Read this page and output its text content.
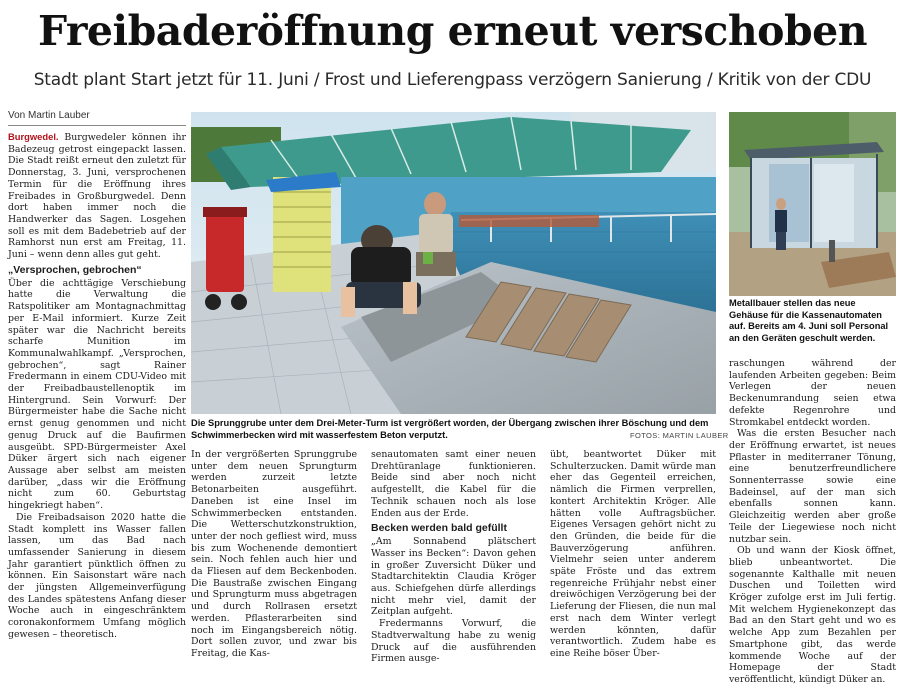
Freibaderöffnung erneut verschoben
Stadt plant Start jetzt für 11. Juni / Frost und Lieferengpass verzögern Sanierung / Kritik von der CDU
Von Martin Lauber

Burgwedel. Burgwedeler können ihr Badezeug getrost eingepackt lassen. Die Stadt reißt erneut den zuletzt für Donnerstag, 3. Juni, versprochenen Termin für die Eröffnung ihres Freibades in Großburgwedel. Denn dort haben immer noch die Handwerker das Sagen. Losgehen soll es mit dem Badebetrieb auf der Ramhorst nun erst am Freitag, 11. Juni – wenn denn alles gut geht.

„Versprochen, gebrochen“

Über die achttägige Verschiebung hatte die Verwaltung die Ratspolitiker am Montagnachmittag per E-Mail informiert. Kurze Zeit später war die Nachricht bereits scharfe Munition im Kommunalwahlkampf. „Versprochen, gebrochen“, sagt Rainer Fredermann in einem CDU-Video mit der Freibadbaustellenoptik im Hintergrund. Sein Vorwurf: Der Bürgermeister habe die Sache nicht ernst genug genommen und nicht genug Druck auf die Baufirmen ausgeübt. SPD-Bürgermeister Axel Düker ärgert sich nach eigener Aussage aber selbst am meisten darüber, „dass wir die Eröffnung nicht zum 60. Geburtstag hingekriegt haben“.

Die Freibadsaison 2020 hatte die Stadt komplett ins Wasser fallen lassen, um das Bad nach umfassender Sanierung in diesem Jahr garantiert pünktlich öffnen zu können. Ein Saisonstart wäre nach der jüngsten Allgemeinverfügung des Landes spätestens Anfang dieser Woche auch in eingeschränktem coronakonformem Umfang möglich gewesen – theoretisch.

Die Sprunggrube unter dem Drei-Meter-Turm ist vergrößert worden, der Übergang zwischen ihrer Böschung und dem Schwimmerbecken wird mit wasserfestem Beton verputzt.	FOTOS: MARTIN LAUBER
Metallbauer stellen das neue Gehäuse für die Kassenautomaten auf. Bereits am 4. Juni soll Personal an den Geräten geschult werden.

In der vergrößerten Sprunggrube unter dem neuen Sprungturm werden zurzeit letzte Betonarbeiten ausgeführt. Daneben ist eine Insel im Schwimmerbecken entstanden. Die Wetterschutzkonstruktion, unter der noch gefliest wird, muss bis zum Wochenende demontiert sein. Noch fehlen auch hier und da Fliesen auf dem Beckenboden. Die Baustraße zwischen Eingang und Sprungturm muss abgetragen und durch Rollrasen ersetzt werden. Pflasterarbeiten sind noch im Eingangsbereich nötig. Dort sollen zuvor, und zwar bis Freitag, die Kas-

senautomaten samt einer neuen Drehtüranlage funktionieren. Beide sind aber noch nicht aufgestellt, die Kabel für die Technik schauen noch als lose Enden aus der Erde.

Becken werden bald gefüllt

„Am Sonnabend plätschert Wasser ins Becken“: Davon gehen in großer Zuversicht Düker und Stadtarchitektin Claudia Kröger aus. Schiefgehen dürfe allerdings nicht mehr viel, damit der Zeitplan aufgeht.

Fredermanns Vorwurf, die Stadtverwaltung habe zu wenig Druck auf die ausführenden Firmen ausge-

übt, beantwortet Düker mit Schulterzucken. Damit würde man eher das Gegenteil erreichen, nämlich die Firmen verprellen, kontert Architektin Kröger. Alle hätten volle Auftragsbücher. Eigenes Versagen gehört nicht zu den Gründen, die beide für die Bauverzögerung anführen. Vielmehr seien unter anderem späte Fröste und das extrem regenreiche Frühjahr nebst einer dreiwöchigen Verzögerung bei der Lieferung der Fliesen, die nun mal erst nach dem Winter verlegt werden könnten, dafür verantwortlich. Zudem habe es eine Reihe böser Über-

raschungen während der laufenden Arbeiten gegeben: Beim Verlegen der neuen Beckenumrandung seien etwa defekte Regenrohre und Stromkabel entdeckt worden.

Was die ersten Besucher nach der Eröffnung erwartet, ist neues Pflaster in mediterraner Tönung, eine benutzerfreundlichere Sonnenterrasse sowie eine Badeinsel, auf der man sich ebenfalls sonnen kann. Gleichzeitig werden aber große Teile der Liegewiese noch nicht nutzbar sein.

Ob und wann der Kiosk öffnet, blieb unbeantwortet. Die sogenannte Kalthalle mit neuen Duschen und Toiletten wird Kröger zufolge erst im Juli fertig. Mit welchem Hygienekonzept das Bad an den Start geht und wo es welche App zum Bezahlen per Smartphone gibt, das werde kommende Woche auf der Homepage der Stadt veröffentlicht, kündigt Düker an.
